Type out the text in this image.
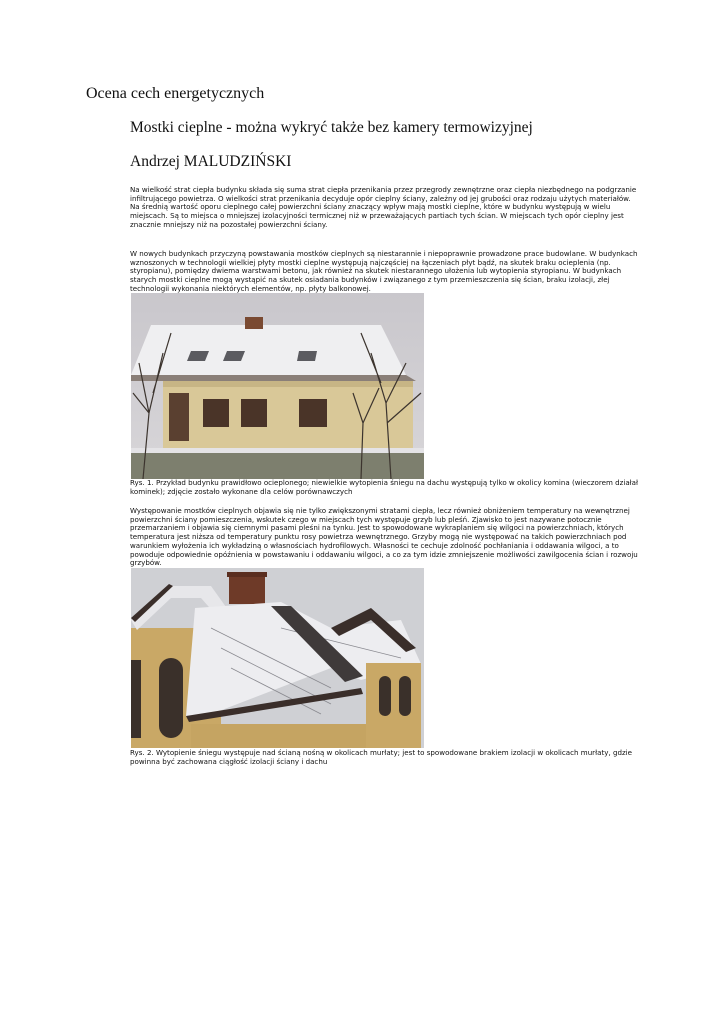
Ocena cech energetycznych
Mostki cieplne - można wykryć także bez kamery termowizyjnej
Andrzej MALUDZIŃSKI

Na wielkość strat ciepła budynku składa się suma strat ciepła przenikania przez przegrody zewnętrzne oraz ciepła niezbędnego na podgrzanie infiltrującego powietrza. O wielkości strat przenikania decyduje opór cieplny ściany, zależny od jej grubości oraz rodzaju użytych materiałów. Na średnią wartość oporu cieplnego całej powierzchni ściany znaczący wpływ mają mostki cieplne, które w budynku występują w wielu miejscach. Są to miejsca o mniejszej izolacyjności termicznej niż w przeważających partiach tych ścian. W miejscach tych opór cieplny jest znacznie mniejszy niż na pozostałej powierzchni ściany.

W nowych budynkach przyczyną powstawania mostków cieplnych są niestarannie i niepoprawnie prowadzone prace budowlane. W budynkach wznoszonych w technologii wielkiej płyty mostki cieplne występują najczęściej na łączeniach płyt bądź, na skutek braku ocieplenia (np. styropianu), pomiędzy dwiema warstwami betonu, jak również na skutek niestarannego ułożenia lub wytopienia styropianu. W budynkach starych mostki cieplne mogą wystąpić na skutek osiadania budynków i związanego z tym przemieszczenia się ścian, braku izolacji, złej technologii wykonania niektórych elementów, np. płyty balkonowej.

Rys. 1. Przykład budynku prawidłowo ocieplonego; niewielkie wytopienia śniegu na dachu występują tylko w okolicy komina (wieczorem działał kominek); zdjęcie zostało wykonane dla celów porównawczych

Występowanie mostków cieplnych objawia się nie tylko zwiększonymi stratami ciepła, lecz również obniżeniem temperatury na wewnętrznej powierzchni ściany pomieszczenia, wskutek czego w miejscach tych występuje grzyb lub pleśń. Zjawisko to jest nazywane potocznie przemarzaniem i objawia się ciemnymi pasami pleśni na tynku. Jest to spowodowane wykraplaniem się wilgoci na powierzchniach, których temperatura jest niższa od temperatury punktu rosy powietrza wewnętrznego. Grzyby mogą nie występować na takich powierzchniach pod warunkiem wyłożenia ich wykładziną o własnościach hydrofilowych. Własności te cechuje zdolność pochłaniania i oddawania wilgoci, a to powoduje odpowiednie opóźnienia w powstawaniu i oddawaniu wilgoci, a co za tym idzie zmniejszenie możliwości zawilgocenia ścian i rozwoju grzybów.

Rys. 2. Wytopienie śniegu występuje nad ścianą nośną w okolicach murłaty; jest to spowodowane brakiem izolacji w okolicach murłaty, gdzie powinna być zachowana ciągłość izolacji ściany i dachu
